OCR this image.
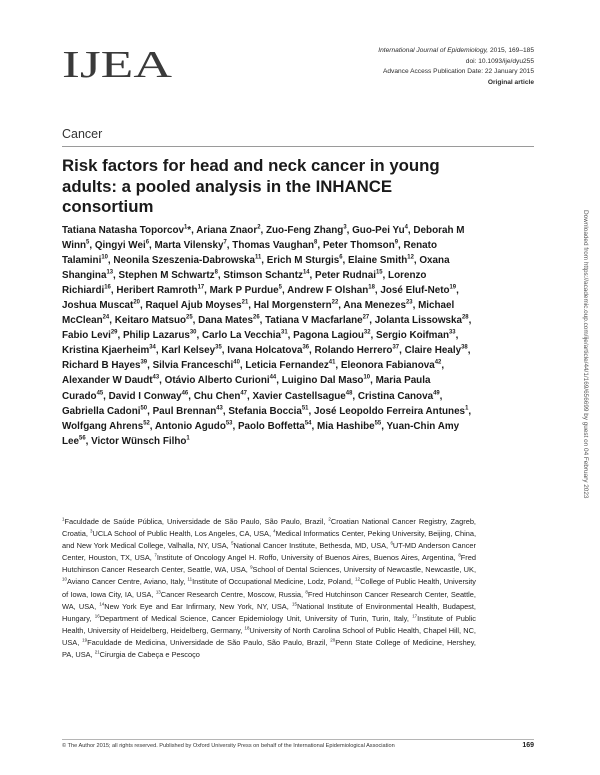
IJEA	International Journal of Epidemiology, 2015, 169–185
doi: 10.1093/ije/dyu255
Advance Access Publication Date: 22 January 2015
Original article
Cancer
Risk factors for head and neck cancer in young adults: a pooled analysis in the INHANCE consortium

Tatiana Natasha Toporcov$^1$*, Ariana Znaor$^2$, Zuo-Feng Zhang$^3$, Guo-Pei Yu$^4$, Deborah M Winn$^5$, Qingyi Wei$^6$, Marta Vilensky$^7$, Thomas Vaughan$^8$, Peter Thomson$^9$, Renato Talamini$^{10}$, Neonila Szeszenia-Dabrowska$^{11}$, Erich M Sturgis$^6$, Elaine Smith$^{12}$, Oxana Shangina$^{13}$, Stephen M Schwartz$^8$, Stimson Schantz$^{14}$, Peter Rudnai$^{15}$, Lorenzo Richiardi$^{16}$, Heribert Ramroth$^{17}$, Mark P Purdue$^5$, Andrew F Olshan$^{18}$, José Eluf-Neto$^{19}$, Joshua Muscat$^{20}$, Raquel Ajub Moyses$^{21}$, Hal Morgenstern$^{22}$, Ana Menezes$^{23}$, Michael McClean$^{24}$, Keitaro Matsuo$^{25}$, Dana Mates$^{26}$, Tatiana V Macfarlane$^{27}$, Jolanta Lissowska$^{28}$, Fabio Levi$^{29}$, Philip Lazarus$^{30}$, Carlo La Vecchia$^{31}$, Pagona Lagiou$^{32}$, Sergio Koifman$^{33}$, Kristina Kjaerheim$^{34}$, Karl Kelsey$^{35}$, Ivana Holcatova$^{36}$, Rolando Herrero$^{37}$, Claire Healy$^{38}$, Richard B Hayes$^{39}$, Silvia Franceschi$^{40}$, Leticia Fernandez$^{41}$, Eleonora Fabianova$^{42}$, Alexander W Daudt$^{43}$, Otávio Alberto Curioni$^{44}$, Luigino Dal Maso$^{10}$, Maria Paula Curado$^{45}$, David I Conway$^{46}$, Chu Chen$^{47}$, Xavier Castellsague$^{48}$, Cristina Canova$^{49}$, Gabriella Cadoni$^{50}$, Paul Brennan$^{43}$, Stefania Boccia$^{51}$, José Leopoldo Ferreira Antunes$^1$, Wolfgang Ahrens$^{52}$, Antonio Agudo$^{53}$, Paolo Boffetta$^{54}$, Mia Hashibe$^{55}$, Yuan-Chin Amy Lee$^{56}$, Victor Wünsch Filho$^1$

$^1$Faculdade de Saúde Pública, Universidade de São Paulo, São Paulo, Brazil, $^2$Croatian National Cancer Registry, Zagreb, Croatia, $^3$UCLA School of Public Health, Los Angeles, CA, USA, $^4$Medical Informatics Center, Peking University, Beijing, China, and New York Medical College, Valhalla, NY, USA, $^5$National Cancer Institute, Bethesda, MD, USA, $^6$UT-MD Anderson Cancer Center, Houston, TX, USA, $^7$Institute of Oncology Angel H. Roffo, University of Buenos Aires, Buenos Aires, Argentina, $^8$Fred Hutchinson Cancer Research Center, Seattle, WA, USA, $^9$School of Dental Sciences, University of Newcastle, Newcastle, UK, $^{10}$Aviano Cancer Centre, Aviano, Italy, $^{11}$Institute of Occupational Medicine, Lodz, Poland, $^{12}$College of Public Health, University of Iowa, Iowa City, IA, USA, $^{13}$Cancer Research Centre, Moscow, Russia, $^8$Fred Hutchinson Cancer Research Center, Seattle, WA, USA, $^{14}$New York Eye and Ear Infirmary, New York, NY, USA, $^{15}$National Institute of Environmental Health, Budapest, Hungary, $^{16}$Department of Medical Science, Cancer Epidemiology Unit, University of Turin, Turin, Italy, $^{17}$Institute of Public Health, University of Heidelberg, Heidelberg, Germany, $^{18}$University of North Carolina School of Public Health, Chapel Hill, NC, USA, $^{19}$Faculdade de Medicina, Universidade de São Paulo, São Paulo, Brazil, $^{20}$Penn State College of Medicine, Hershey, PA, USA, $^{21}$Cirurgia de Cabeça e Pescoço

© The Author 2015; all rights reserved. Published by Oxford University Press on behalf of the International Epidemiological Association	169
Downloaded from https://academic.oup.com/ije/article/44/1/169/656699 by guest on 04 February 2023
